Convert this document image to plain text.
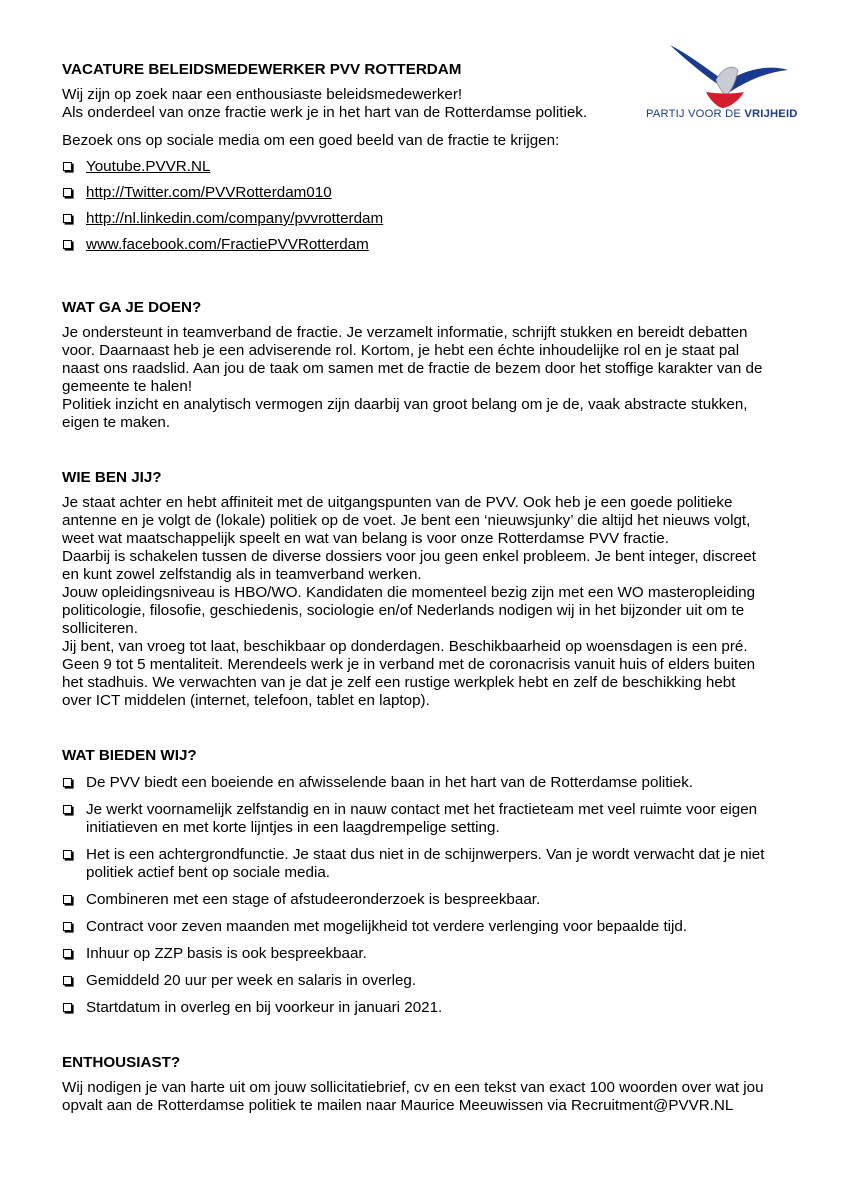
PARTIJ VOOR DE VRIJHEID
VACATURE BELEIDSMEDEWERKER PVV ROTTERDAM
Wij zijn op zoek naar een enthousiaste beleidsmedewerker!
Als onderdeel van onze fractie werk je in het hart van de Rotterdamse politiek.
Bezoek ons op sociale media om een goed beeld van de fractie te krijgen:
Youtube.PVVR.NL
http://Twitter.com/PVVRotterdam010
http://nl.linkedin.com/company/pvvrotterdam
www.facebook.com/FractiePVVRotterdam
WAT GA JE DOEN?
Je ondersteunt in teamverband de fractie. Je verzamelt informatie, schrijft stukken en bereidt debatten
voor. Daarnaast heb je een adviserende rol. Kortom, je hebt een échte inhoudelijke rol en je staat pal
naast ons raadslid. Aan jou de taak om samen met de fractie de bezem door het stoffige karakter van de
gemeente te halen!
Politiek inzicht en analytisch vermogen zijn daarbij van groot belang om je de, vaak abstracte stukken,
eigen te maken.
WIE BEN JIJ?
Je staat achter en hebt affiniteit met de uitgangspunten van de PVV. Ook heb je een goede politieke
antenne en je volgt de (lokale) politiek op de voet. Je bent een ‘nieuwsjunky’ die altijd het nieuws volgt,
weet wat maatschappelijk speelt en wat van belang is voor onze Rotterdamse PVV fractie.
Daarbij is schakelen tussen de diverse dossiers voor jou geen enkel probleem. Je bent integer, discreet
en kunt zowel zelfstandig als in teamverband werken.
Jouw opleidingsniveau is HBO/WO. Kandidaten die momenteel bezig zijn met een WO masteropleiding
politicologie, filosofie, geschiedenis, sociologie en/of Nederlands nodigen wij in het bijzonder uit om te
solliciteren.
Jij bent, van vroeg tot laat, beschikbaar op donderdagen. Beschikbaarheid op woensdagen is een pré.
Geen 9 tot 5 mentaliteit. Merendeels werk je in verband met de coronacrisis vanuit huis of elders buiten
het stadhuis. We verwachten van je dat je zelf een rustige werkplek hebt en zelf de beschikking hebt
over ICT middelen (internet, telefoon, tablet en laptop).
WAT BIEDEN WIJ?
De PVV biedt een boeiende en afwisselende baan in het hart van de Rotterdamse politiek.
Je werkt voornamelijk zelfstandig en in nauw contact met het fractieteam met veel ruimte voor eigen
initiatieven en met korte lijntjes in een laagdrempelige setting.
Het is een achtergrondfunctie. Je staat dus niet in de schijnwerpers. Van je wordt verwacht dat je niet
politiek actief bent op sociale media.
Combineren met een stage of afstudeeronderzoek is bespreekbaar.
Contract voor zeven maanden met mogelijkheid tot verdere verlenging voor bepaalde tijd.
Inhuur op ZZP basis is ook bespreekbaar.
Gemiddeld 20 uur per week en salaris in overleg.
Startdatum in overleg en bij voorkeur in januari 2021.
ENTHOUSIAST?
Wij nodigen je van harte uit om jouw sollicitatiebrief, cv en een tekst van exact 100 woorden over wat jou
opvalt aan de Rotterdamse politiek te mailen naar Maurice Meeuwissen via Recruitment@PVVR.NL
